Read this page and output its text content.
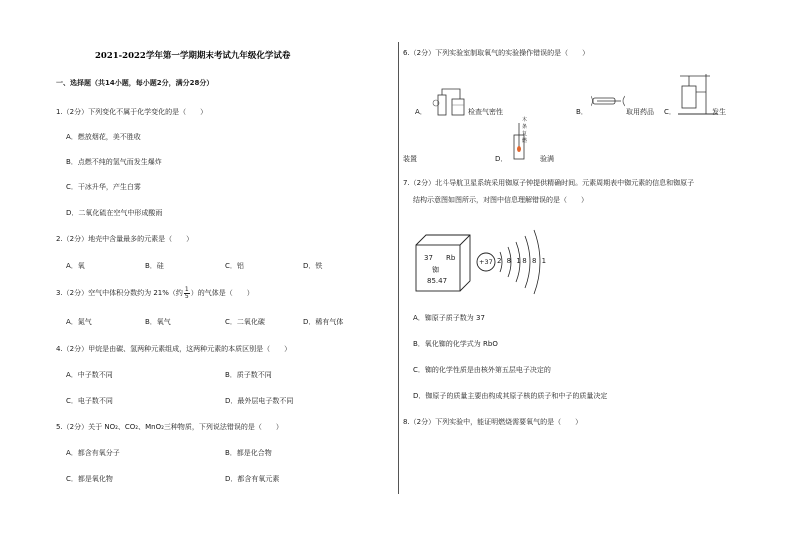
2021-2022学年第一学期期末考试九年级化学试卷
一、选择题（共14小题，每小题2分，满分28分）
1.（2分）下列变化不属于化学变化的是（　　）
A．燃放烟花，美不胜收
B．点燃不纯的氢气而发生爆炸
C．干冰升华，产生白雾
D．二氧化硫在空气中形成酸雨
2.（2分）地壳中含量最多的元素是（　　）
A．氧	B．硅	C．铝	D．铁
3.（2分）空气中体积分数约为 21%（约 $\frac{1}{5}$ ）的气体是（　　）
A．氮气	B．氧气	C．二氧化碳	D．稀有气体
4.（2分）甲烷是由碳、氢两种元素组成，这两种元素的本质区别是（　　）
A．中子数不同	B．质子数不同
C．电子数不同	D．最外层电子数不同
5.（2分）关于 NO₂、CO₂、MnO₂三种物质，下列说法错误的是（　　）
A．都含有氧分子	B．都是化合物
C．都是氧化物	D．都含有氧元素
6.（2分）下列实验室制取氧气的实验操作错误的是（　　）
A．	检查气密性	B．	取用药品 C．	发生
装置	D．
木
条
复
燃
验满
7.（2分）北斗导航卫星系统采用铷原子钟提供精确时间。元素周期表中铷元素的信息和铷原子
结构示意图如图所示，对图中信息理解错误的是（　　）
37 Rb
铷
85.47
+37 2 8 18 8 1
A．铷原子质子数为 37
B．氧化铷的化学式为 RbO
C．铷的化学性质是由核外第五层电子决定的
D．铷原子的质量主要由构成其原子核的质子和中子的质量决定
8.（2分）下列实验中，能证明燃烧需要氧气的是（　　）
